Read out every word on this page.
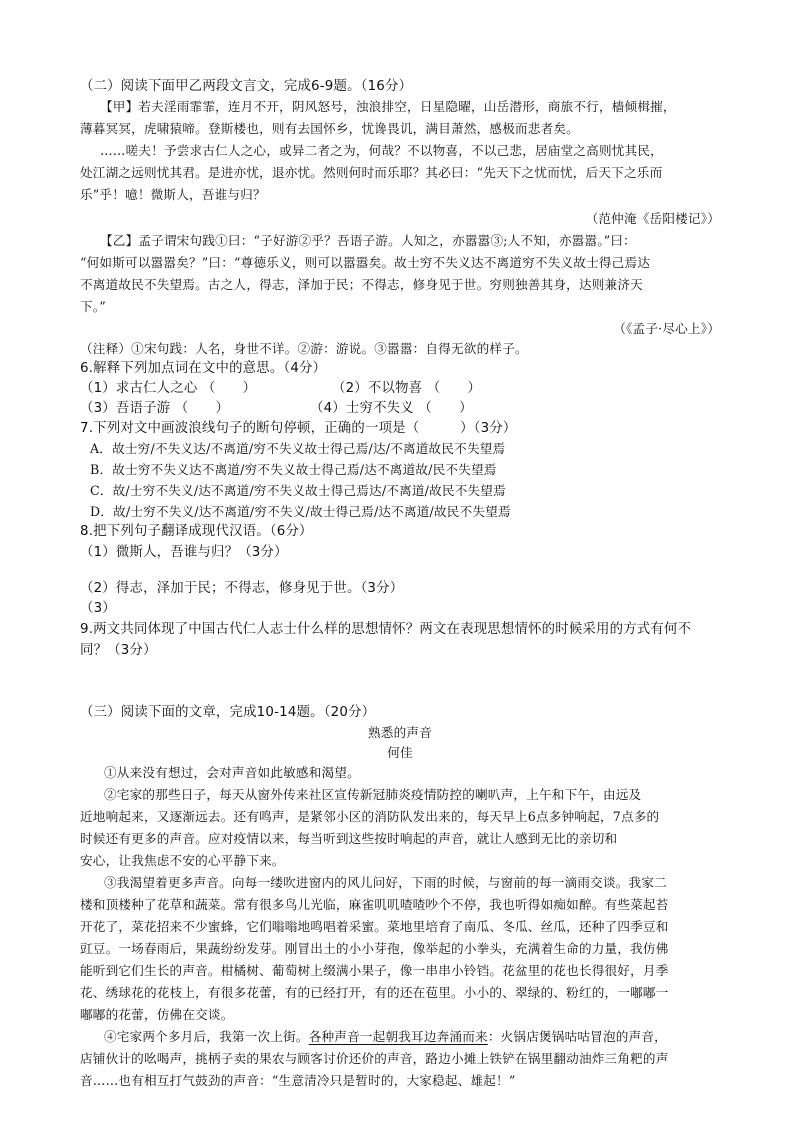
（二）阅读下面甲乙两段文言文，完成6-9题。（16分）
【甲】若夫淫雨霏霏，连月不开，阴风怒号，浊浪排空，日星隐曜，山岳潜形，商旅不行，樯倾楫摧，
薄暮冥冥，虎啸猿啼。登斯楼也，则有去国怀乡，忧谗畏讥，满目萧然，感极而悲者矣。
……嗟夫！予尝求古仁人之心，或异二者之为，何哉？不以物喜，不以己悲，居庙堂之高则忧其民，
处江湖之远则忧其君。是进亦忧，退亦忧。然则何时而乐耶？其必曰：“先天下之忧而忧，后天下之乐而
乐”乎！噫！微斯人，吾谁与归？
（范仲淹《岳阳楼记》）
【乙】孟子谓宋句践①曰：“子好游②乎？吾语子游。人知之，亦嚣嚣③;人不知，亦嚣嚣。”曰：
“何如斯可以嚣嚣矣？”曰：“尊德乐义，则可以嚣嚣矣。故士穷不失义达不离道穷不失义故士得己焉达
不离道故民不失望焉。古之人，得志，泽加于民；不得志，修身见于世。穷则独善其身，达则兼济天
下。”
（《孟子·尽心上》）
（注释）①宋句践：人名，身世不详。②游：游说。③嚣嚣：自得无欲的样子。
6.解释下列加点词在文中的意思。（4分）
（1）求古仁人之心 （　　）	（2）不以物喜 （　　）
（3）吾语子游 （　　）	（4）士穷不失义 （　　）
7.下列对文中画波浪线句子的断句停顿，正确的一项是（　　　）（3分）
A．故士穷/不失义达/不离道/穷不失义故士得己焉/达/不离道故民不失望焉
B．故士穷不失义达不离道/穷不失义故士得己焉/达不离道故/民不失望焉
C．故/士穷不失义/达不离道/穷不失义故士得己焉达/不离道/故民不失望焉
D．故/士穷不失义/达不离道/穷不失义/故士得己焉/达不离道/故民不失望焉
8.把下列句子翻译成现代汉语。（6分）
（1）微斯人，吾谁与归？（3分）
（2）得志，泽加于民；不得志，修身见于世。（3分）
（3）
9.两文共同体现了中国古代仁人志士什么样的思想情怀？两文在表现思想情怀的时候采用的方式有何不
同？（3分）
（三）阅读下面的文章，完成10-14题。（20分）
熟悉的声音
何佳
①从来没有想过，会对声音如此敏感和渴望。
②宅家的那些日子，每天从窗外传来社区宣传新冠肺炎疫情防控的喇叭声，上午和下午，由远及
近地响起来，又逐渐远去。还有鸣声，是紧邻小区的消防队发出来的，每天早上6点多钟响起，7点多的
时候还有更多的声音。应对疫情以来，每当听到这些按时响起的声音，就让人感到无比的亲切和
安心，让我焦虑不安的心平静下来。
③我渴望着更多声音。向每一缕吹进窗内的风儿问好，下雨的时候，与窗前的每一滴雨交谈。我家二
楼和顶楼种了花草和蔬菜。常有很多鸟儿光临，麻雀叽叽喳喳吵个不停，我也听得如痴如醉。有些菜起苔
开花了，菜花招来不少蜜蜂，它们嗡嗡地鸣唱着采蜜。菜地里培育了南瓜、冬瓜、丝瓜，还种了四季豆和
豇豆。一场春雨后，果蔬纷纷发芽。刚冒出土的小小芽孢，像举起的小拳头，充满着生命的力量，我仿佛
能听到它们生长的声音。柑橘树、葡萄树上缀满小果子，像一串串小铃铛。花盆里的花也长得很好，月季
花、绣球花的花枝上，有很多花蕾，有的已经打开，有的还在苞里。小小的、翠绿的、粉红的，一嘟嘟一
嘟嘟的花蕾，仿佛在交谈。
④宅家两个多月后，我第一次上街。各种声音一起朝我耳边奔涌而来：火锅店煲锅咕咕冒泡的声音，
店铺伙计的吆喝声，挑柄子卖的果农与顾客讨价还价的声音，路边小摊上铁铲在锅里翻动油炸三角粑的声
音……也有相互打气鼓劲的声音：“生意清冷只是暂时的，大家稳起、雄起！”
